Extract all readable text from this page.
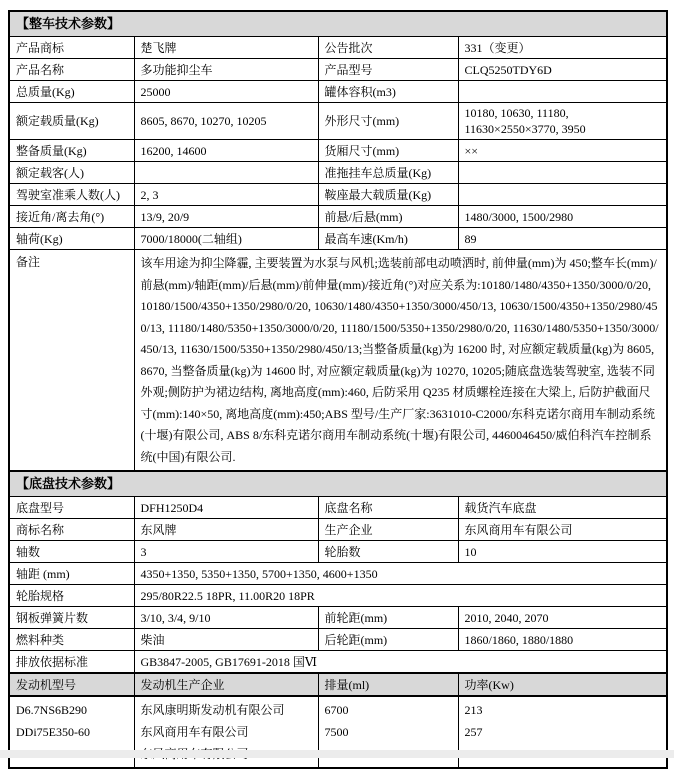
【整车技术参数】			
产品商标	楚飞牌	公告批次	331（变更）
产品名称	多功能抑尘车	产品型号	CLQ5250TDY6D
总质量(Kg)	25000	罐体容积(m3)	
额定载质量(Kg)	8605, 8670, 10270, 10205	外形尺寸(mm)	10180, 10630, 11180, 11630×2550×3770, 3950
整备质量(Kg)	16200, 14600	货厢尺寸(mm)	××
额定载客(人)		准拖挂车总质量(Kg)	
驾驶室准乘人数(人)	2, 3	鞍座最大载质量(Kg)	
接近角/离去角(°)	13/9, 20/9	前悬/后悬(mm)	1480/3000, 1500/2980
轴荷(Kg)	7000/18000(二轴组)	最高车速(Km/h)	89
备注	该车用途为抑尘降霾, 主要装置为水泵与风机;选装前部电动喷洒时, 前伸量(mm)为 450;整车长(mm)/前悬(mm)/轴距(mm)/后悬(mm)/前伸量(mm)/接近角(°)对应关系为:10180/1480/4350+1350/3000/0/20, 10180/1500/4350+1350/2980/0/20, 10630/1480/4350+1350/3000/450/13, 10630/1500/4350+1350/2980/450/13, 11180/1480/5350+1350/3000/0/20, 11180/1500/5350+1350/2980/0/20, 11630/1480/5350+1350/3000/450/13, 11630/1500/5350+1350/2980/450/13;当整备质量(kg)为 16200 时, 对应额定载质量(kg)为 8605, 8670, 当整备质量(kg)为 14600 时, 对应额定载质量(kg)为 10270, 10205;随底盘选装驾驶室, 选装不同外观;侧防护为裙边结构, 离地高度(mm):460, 后防采用 Q235 材质螺栓连接在大梁上, 后防护截面尺寸(mm):140×50, 离地高度(mm):450;ABS 型号/生产厂家:3631010-C2000/东科克诺尔商用车制动系统(十堰)有限公司, ABS 8/东科克诺尔商用车制动系统(十堰)有限公司, 4460046450/威伯科汽车控制系统(中国)有限公司.		
【底盘技术参数】			
底盘型号	DFH1250D4	底盘名称	载货汽车底盘
商标名称	东风牌	生产企业	东风商用车有限公司
轴数	3	轮胎数	10
轴距 (mm)	4350+1350, 5350+1350, 5700+1350, 4600+1350		
轮胎规格	295/80R22.5 18PR, 11.00R20 18PR		
钢板弹簧片数	3/10, 3/4, 9/10	前轮距(mm)	2010, 2040, 2070
燃料种类	柴油	后轮距(mm)	1860/1860, 1880/1880
排放依据标准	GB3847-2005, GB17691-2018 国Ⅵ		
发动机型号	发动机生产企业	排量(ml)	功率(Kw)
D6.7NS6B290	东风康明斯发动机有限公司	6700	213
DDi75E350-60	东风商用车有限公司	7500	257
